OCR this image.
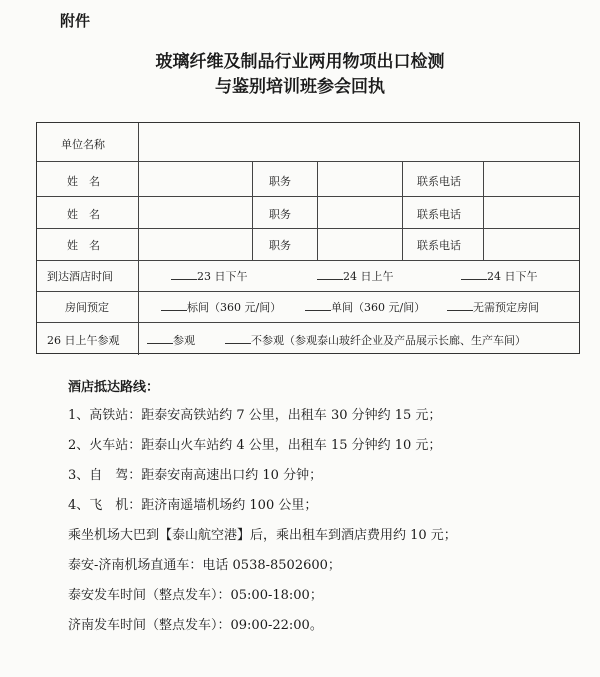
附件
玻璃纤维及制品行业两用物项出口检测
与鉴别培训班参会回执
单位名称
姓　名	职务	联系电话
姓　名	职务	联系电话
姓　名	职务	联系电话
到达酒店时间	23 日下午	24 日上午	24 日下午
房间预定	标间（360 元/间）	单间（360 元/间）	无需预定房间
26 日上午参观	参观	不参观（参观泰山玻纤企业及产品展示长廊、生产车间）
酒店抵达路线：
1、高铁站：距泰安高铁站约 7 公里，出租车 30 分钟约 15 元；
2、火车站：距泰山火车站约 4 公里，出租车 15 分钟约 10 元；
3、自　驾：距泰安南高速出口约 10 分钟；
4、飞　机：距济南遥墙机场约 100 公里；
乘坐机场大巴到【泰山航空港】后，乘出租车到酒店费用约 10 元；
泰安-济南机场直通车：电话 0538-8502600；
泰安发车时间（整点发车）：05:00-18:00；
济南发车时间（整点发车）：09:00-22:00。
